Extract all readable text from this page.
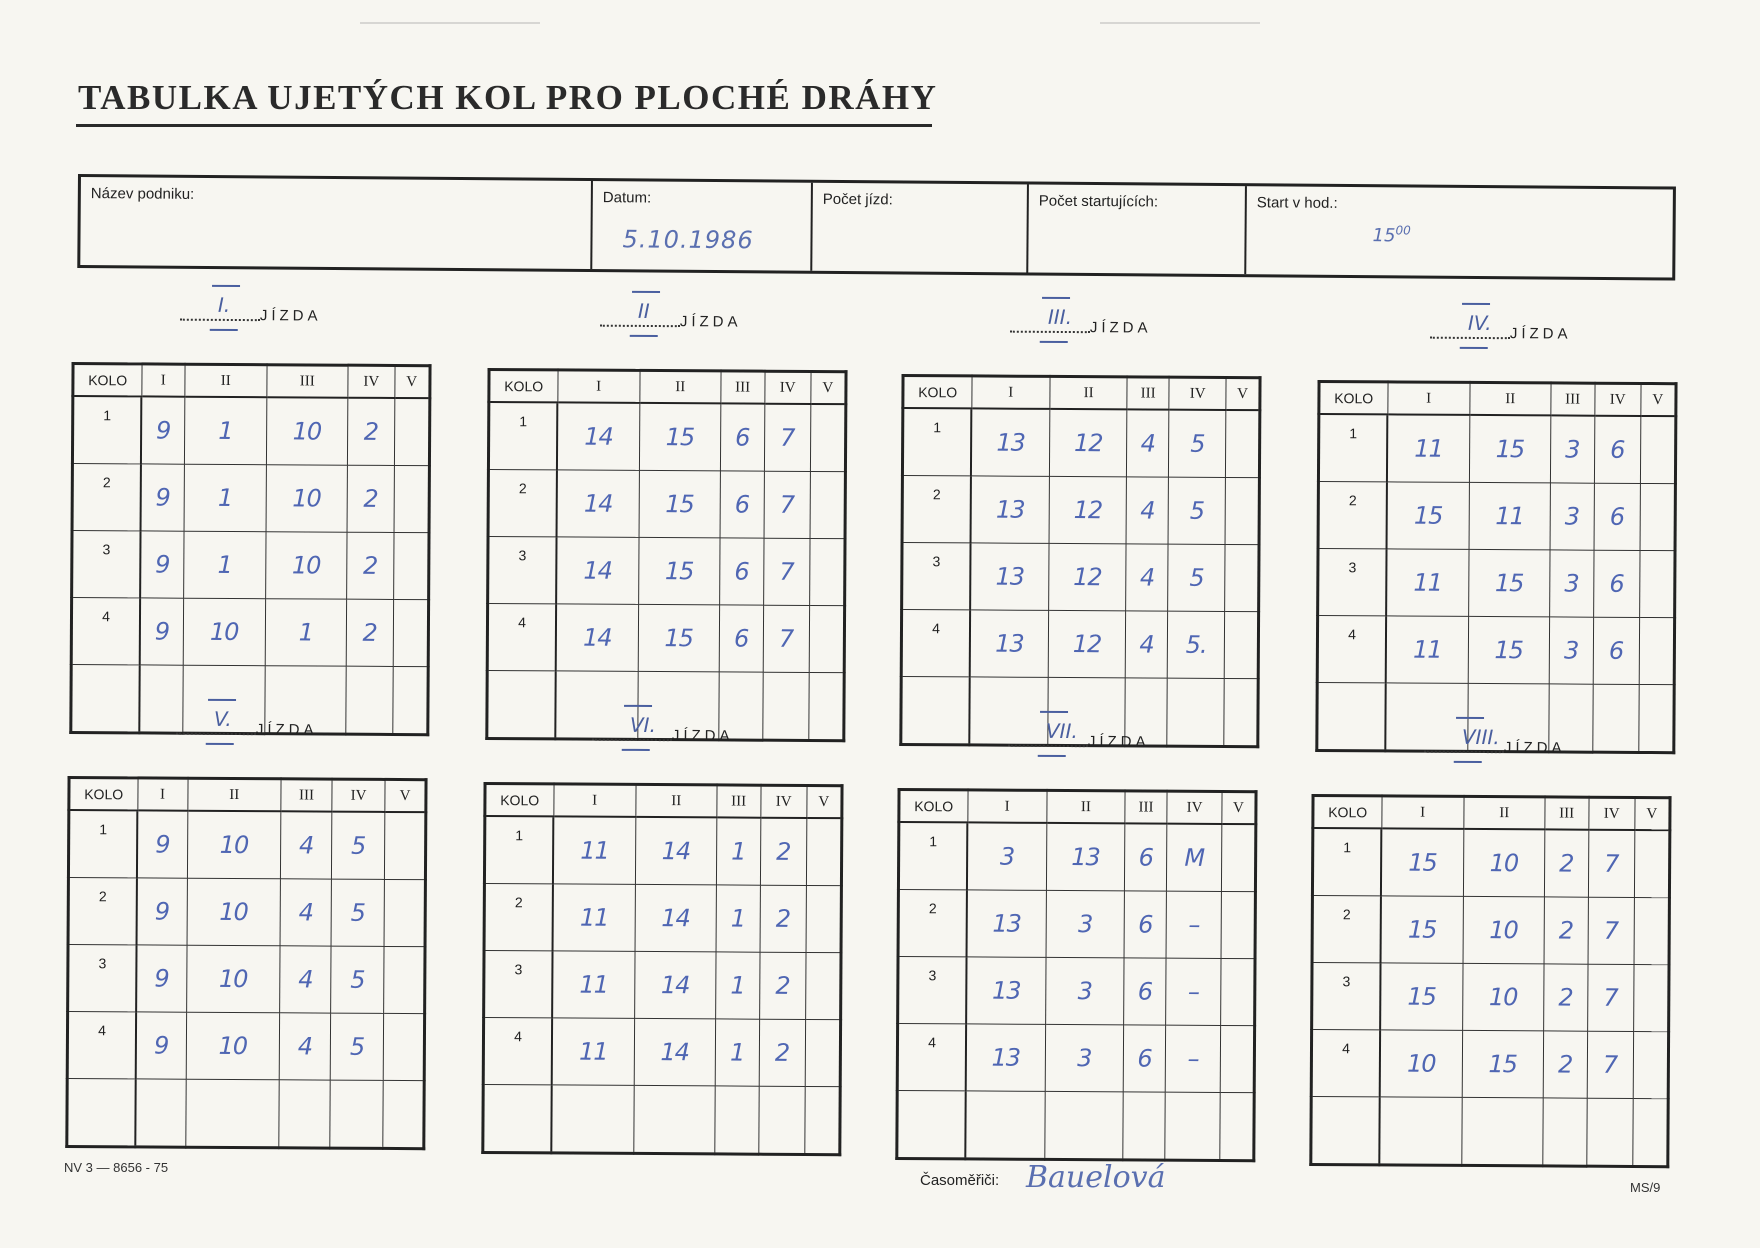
TABULKA UJETÝCH KOL PRO PLOCHÉ DRÁHY
Název podniku:	Datum:
5.10.1986
Počet jízd:	Počet startujících:	Start v hod.:
$15^{00}$
I. JÍZDA
KOLO	I	II	III	IV	V
1	9	1	10	2	
2	9	1	10	2	
3	9	1	10	2	
4	9	10	1	2	

II JÍZDA
KOLO	I	II	III	IV	V
1	14	15	6	7	
2	14	15	6	7	
3	14	15	6	7	
4	14	15	6	7	

III. JÍZDA
KOLO	I	II	III	IV	V
1	13	12	4	5	
2	13	12	4	5	
3	13	12	4	5	
4	13	12	4	5.	

IV. JÍZDA
KOLO	I	II	III	IV	V
1	11	15	3	6	
2	15	11	3	6	
3	11	15	3	6	
4	11	15	3	6	

V. JÍZDA
KOLO	I	II	III	IV	V
1	9	10	4	5	
2	9	10	4	5	
3	9	10	4	5	
4	9	10	4	5	

VI. JÍZDA
KOLO	I	II	III	IV	V
1	11	14	1	2	
2	11	14	1	2	
3	11	14	1	2	
4	11	14	1	2	

VII. JÍZDA
KOLO	I	II	III	IV	V
1	3	13	6	M	
2	13	3	6	–	
3	13	3	6	–	
4	13	3	6	–	

VIII. JÍZDA
KOLO	I	II	III	IV	V
1	15	10	2	7	
2	15	10	2	7	
3	15	10	2	7	
4	10	15	2	7	

NV 3 — 8656 - 75
Časoměřiči: Bauelová	MS/9
